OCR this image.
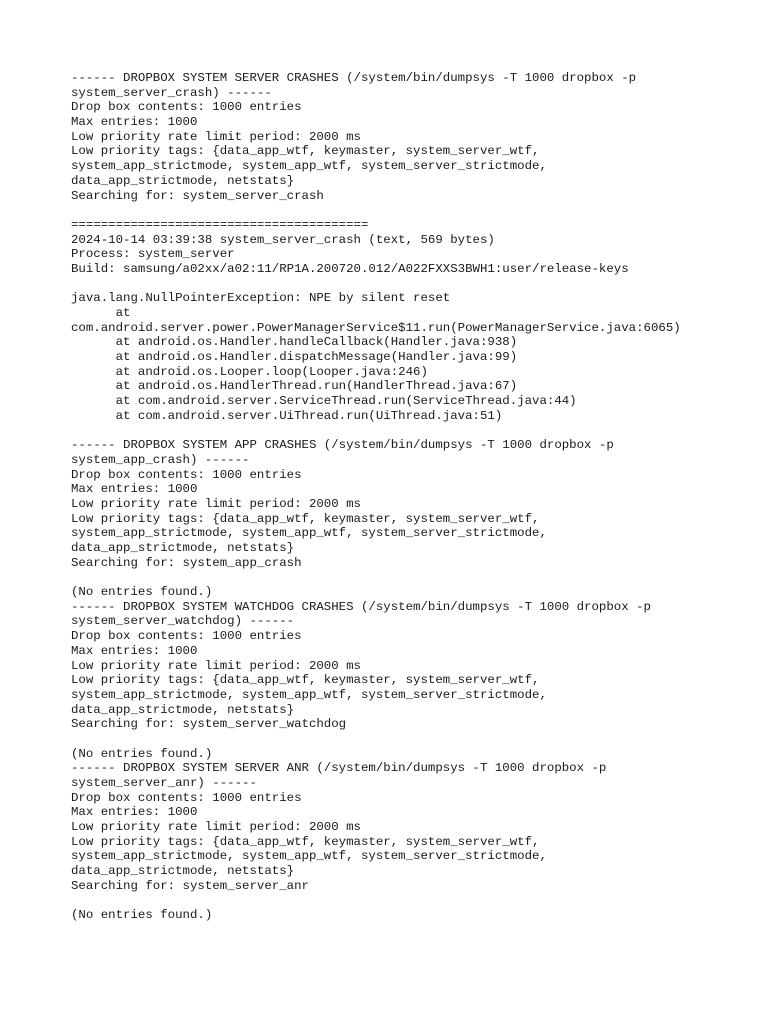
------ DROPBOX SYSTEM SERVER CRASHES (/system/bin/dumpsys -T 1000 dropbox -p
system_server_crash) ------
Drop box contents: 1000 entries
Max entries: 1000
Low priority rate limit period: 2000 ms
Low priority tags: {data_app_wtf, keymaster, system_server_wtf,
system_app_strictmode, system_app_wtf, system_server_strictmode,
data_app_strictmode, netstats}
Searching for: system_server_crash
========================================
2024-10-14 03:39:38 system_server_crash (text, 569 bytes)
Process: system_server
Build: samsung/a02xx/a02:11/RP1A.200720.012/A022FXXS3BWH1:user/release-keys
java.lang.NullPointerException: NPE by silent reset
at
com.android.server.power.PowerManagerService$11.run(PowerManagerService.java:6065)
at android.os.Handler.handleCallback(Handler.java:938)
at android.os.Handler.dispatchMessage(Handler.java:99)
at android.os.Looper.loop(Looper.java:246)
at android.os.HandlerThread.run(HandlerThread.java:67)
at com.android.server.ServiceThread.run(ServiceThread.java:44)
at com.android.server.UiThread.run(UiThread.java:51)
------ DROPBOX SYSTEM APP CRASHES (/system/bin/dumpsys -T 1000 dropbox -p
system_app_crash) ------
Drop box contents: 1000 entries
Max entries: 1000
Low priority rate limit period: 2000 ms
Low priority tags: {data_app_wtf, keymaster, system_server_wtf,
system_app_strictmode, system_app_wtf, system_server_strictmode,
data_app_strictmode, netstats}
Searching for: system_app_crash
(No entries found.)
------ DROPBOX SYSTEM WATCHDOG CRASHES (/system/bin/dumpsys -T 1000 dropbox -p
system_server_watchdog) ------
Drop box contents: 1000 entries
Max entries: 1000
Low priority rate limit period: 2000 ms
Low priority tags: {data_app_wtf, keymaster, system_server_wtf,
system_app_strictmode, system_app_wtf, system_server_strictmode,
data_app_strictmode, netstats}
Searching for: system_server_watchdog
(No entries found.)
------ DROPBOX SYSTEM SERVER ANR (/system/bin/dumpsys -T 1000 dropbox -p
system_server_anr) ------
Drop box contents: 1000 entries
Max entries: 1000
Low priority rate limit period: 2000 ms
Low priority tags: {data_app_wtf, keymaster, system_server_wtf,
system_app_strictmode, system_app_wtf, system_server_strictmode,
data_app_strictmode, netstats}
Searching for: system_server_anr
(No entries found.)
